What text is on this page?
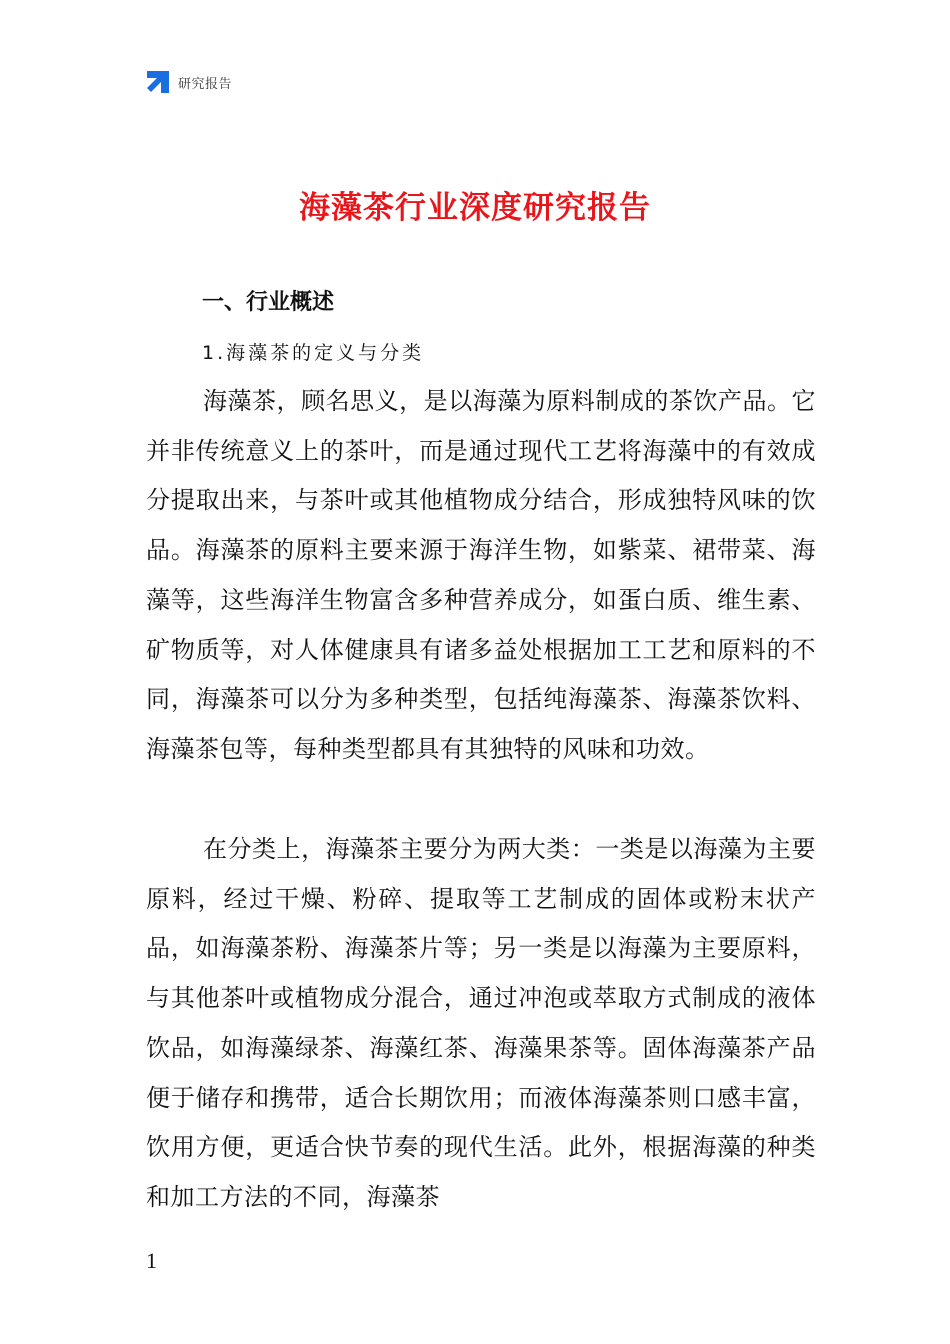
研究报告
海藻茶行业深度研究报告
一、行业概述
1.海藻茶的定义与分类

海藻茶，顾名思义，是以海藻为原料制成的茶饮产品。它并非传统意义上的茶叶，而是通过现代工艺将海藻中的有效成分提取出来，与茶叶或其他植物成分结合，形成独特风味的饮品。海藻茶的原料主要来源于海洋生物，如紫菜、裙带菜、海藻等，这些海洋生物富含多种营养成分，如蛋白质、维生素、矿物质等，对人体健康具有诸多益处根据加工工艺和原料的不同，海藻茶可以分为多种类型，包括纯海藻茶、海藻茶饮料、海藻茶包等，每种类型都具有其独特的风味和功效。

在分类上，海藻茶主要分为两大类：一类是以海藻为主要原料，经过干燥、粉碎、提取等工艺制成的固体或粉末状产品，如海藻茶粉、海藻茶片等；另一类是以海藻为主要原料，与其他茶叶或植物成分混合，通过冲泡或萃取方式制成的液体饮品，如海藻绿茶、海藻红茶、海藻果茶等。固体海藻茶产品便于储存和携带，适合长期饮用；而液体海藻茶则口感丰富，饮用方便，更适合快节奏的现代生活。此外，根据海藻的种类和加工方法的不同，海藻茶

1
